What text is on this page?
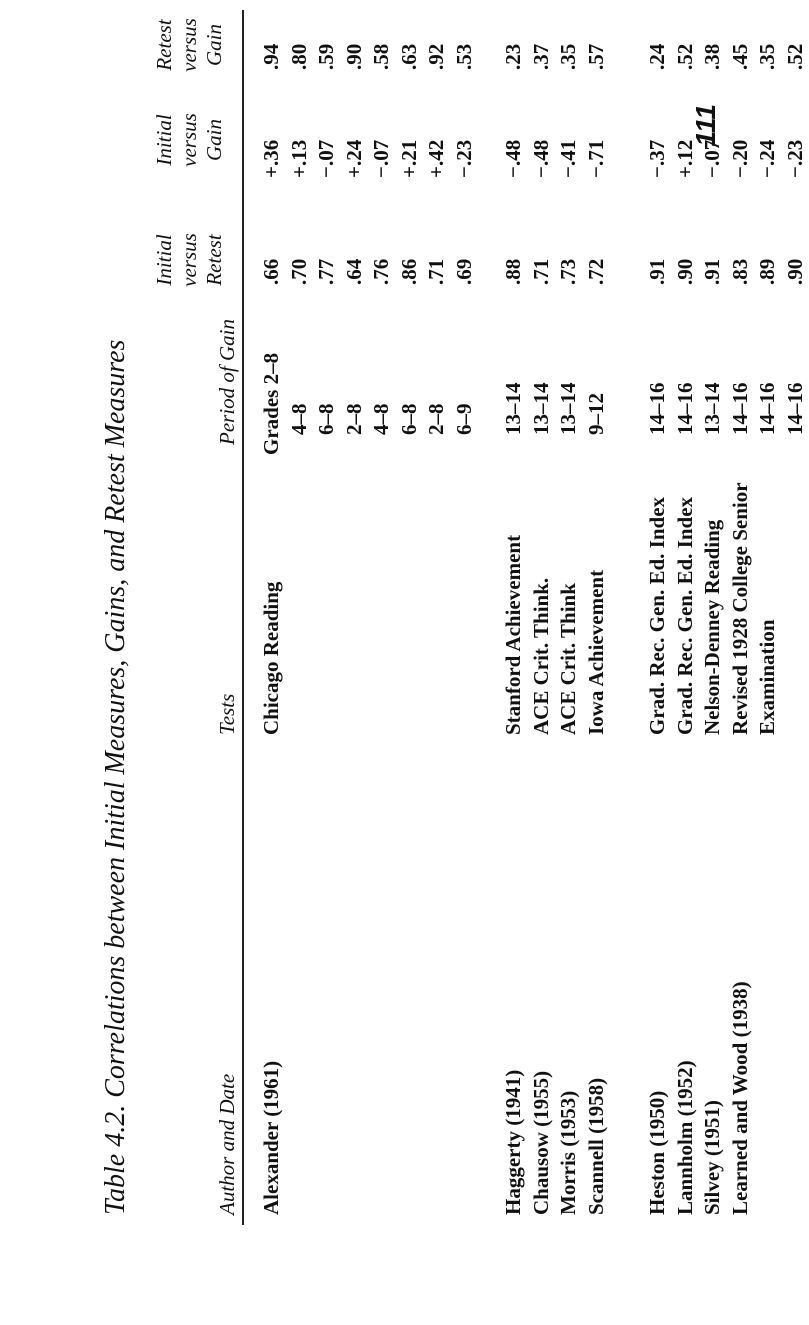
Table 4.2. Correlations between Initial Measures, Gains, and Retest Measures	Author and Date
Tests
Period of Gain
Initial versus Retest
Initial versus Gain
Retest versus Gain
Alexander (1961)
Chicago Reading
Grades 2–8
.66
+.36
.94
4–8
.70
+.13
.80
6–8
.77
−.07
.59
2–8
.64
+.24
.90
4–8
.76
−.07
.58
6–8
.86
+.21
.63
2–8
.71
+.42
.92
6–9
.69
−.23
.53
Haggerty (1941)
Stanford Achievement
13–14
.88
−.48
.23
Chausow (1955)
ACE Crit. Think.
13–14
.71
−.48
.37
Morris (1953)
ACE Crit. Think
13–14
.73
−.41
.35
Scannell (1958)
Iowa Achievement
9–12
.72
−.71
.57
Heston (1950)
Grad. Rec. Gen. Ed. Index
14–16
.91
−.37
.24
Lannholm (1952)
Grad. Rec. Gen. Ed. Index
14–16
.90
+.12
.52
Silvey (1951)
Nelson-Denney Reading
13–14
.91
−.07
.38
Learned and Wood (1938)
Revised 1928 College Senior
14–16
.83
−.20
.45
Examination
14–16
.89
−.24
.35
14–16
.90
−.23
.52
111
